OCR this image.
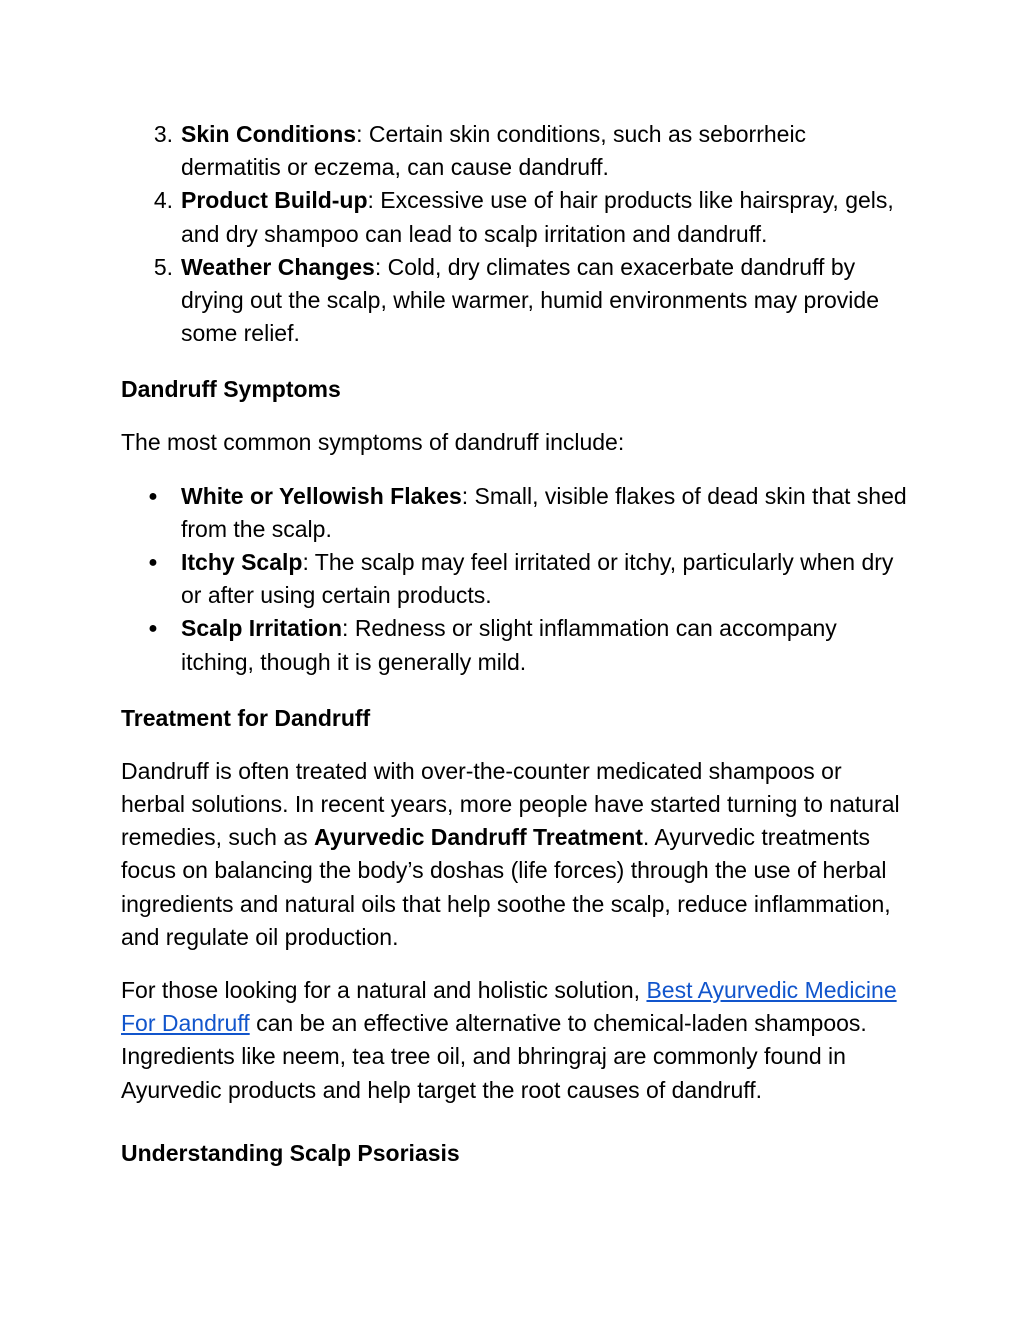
3. Skin Conditions: Certain skin conditions, such as seborrheic dermatitis or eczema, can cause dandruff.
4. Product Build-up: Excessive use of hair products like hairspray, gels, and dry shampoo can lead to scalp irritation and dandruff.
5. Weather Changes: Cold, dry climates can exacerbate dandruff by drying out the scalp, while warmer, humid environments may provide some relief.
Dandruff Symptoms

The most common symptoms of dandruff include:

●	White or Yellowish Flakes: Small, visible flakes of dead skin that shed from the scalp.
●	Itchy Scalp: The scalp may feel irritated or itchy, particularly when dry or after using certain products.
●	Scalp Irritation: Redness or slight inflammation can accompany itching, though it is generally mild.
Treatment for Dandruff

Dandruff is often treated with over-the-counter medicated shampoos or herbal solutions. In recent years, more people have started turning to natural remedies, such as Ayurvedic Dandruff Treatment. Ayurvedic treatments focus on balancing the body’s doshas (life forces) through the use of herbal ingredients and natural oils that help soothe the scalp, reduce inflammation, and regulate oil production.

For those looking for a natural and holistic solution, Best Ayurvedic Medicine For Dandruff can be an effective alternative to chemical-laden shampoos. Ingredients like neem, tea tree oil, and bhringraj are commonly found in Ayurvedic products and help target the root causes of dandruff.

Understanding Scalp Psoriasis
